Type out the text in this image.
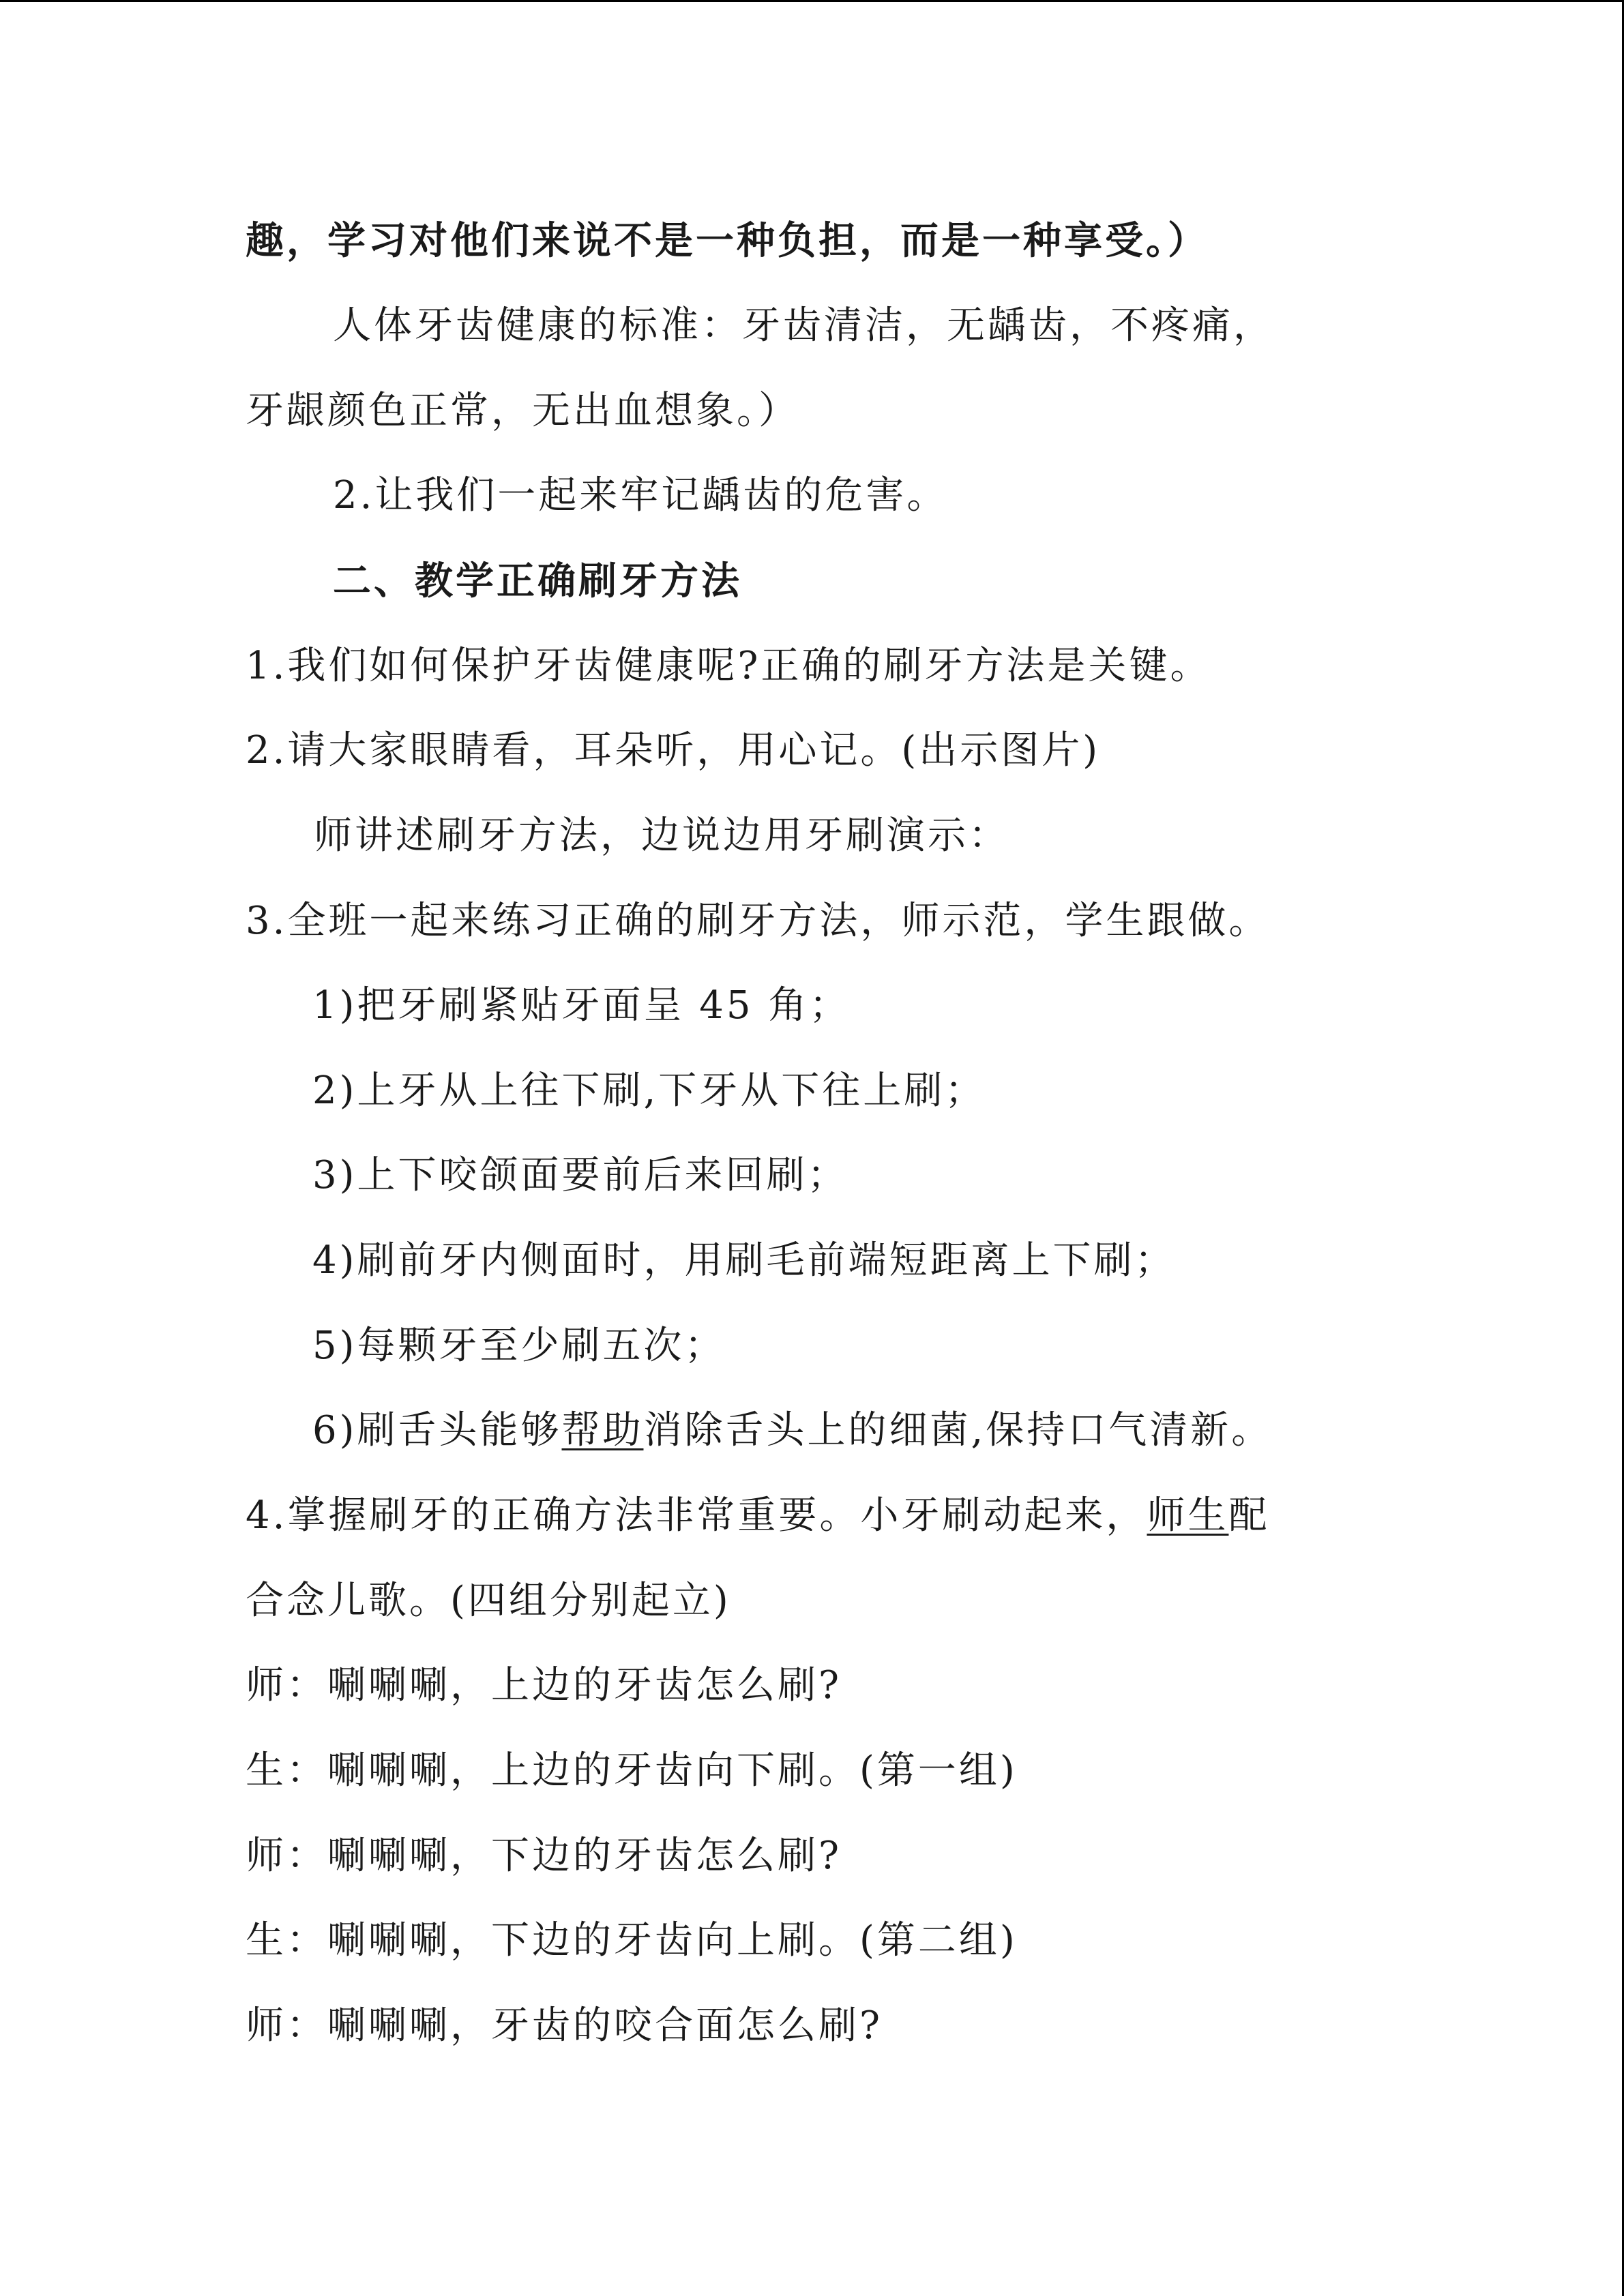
趣，学习对他们来说不是一种负担，而是一种享受。）
人体牙齿健康的标准：牙齿清洁，无龋齿，不疼痛，
牙龈颜色正常，无出血想象。）
2.让我们一起来牢记龋齿的危害。
二、教学正确刷牙方法
1.我们如何保护牙齿健康呢?正确的刷牙方法是关键。
2.请大家眼睛看，耳朵听，用心记。(出示图片)
师讲述刷牙方法，边说边用牙刷演示：
3.全班一起来练习正确的刷牙方法，师示范，学生跟做。
1)把牙刷紧贴牙面呈 45 角；
2)上牙从上往下刷,下牙从下往上刷；
3)上下咬颌面要前后来回刷；
4)刷前牙内侧面时，用刷毛前端短距离上下刷；
5)每颗牙至少刷五次；
6)刷舌头能够帮助消除舌头上的细菌,保持口气清新。
4.掌握刷牙的正确方法非常重要。小牙刷动起来，师生配
合念儿歌。(四组分别起立)
师：唰唰唰，上边的牙齿怎么刷?
生：唰唰唰，上边的牙齿向下刷。(第一组)
师：唰唰唰，下边的牙齿怎么刷?
生：唰唰唰，下边的牙齿向上刷。(第二组)
师：唰唰唰，牙齿的咬合面怎么刷?
